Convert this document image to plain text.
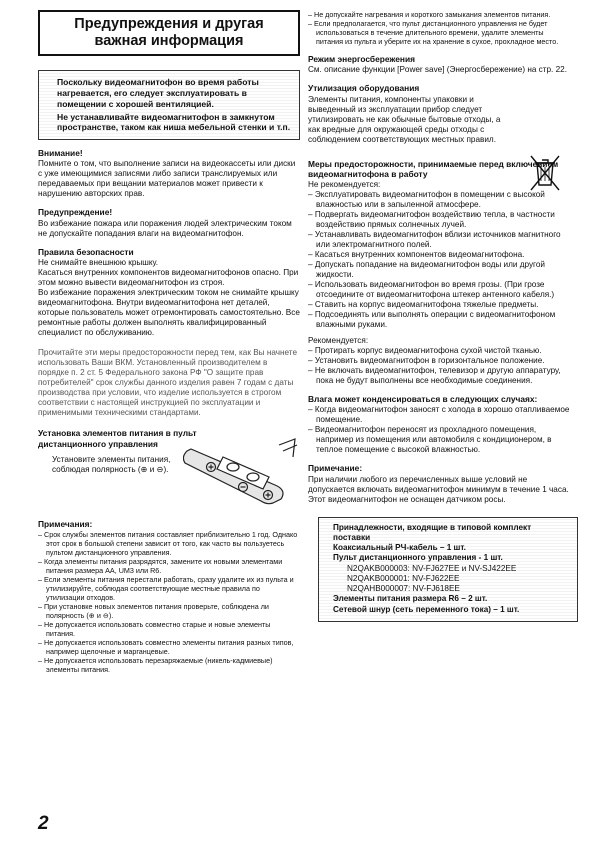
Предупреждения и другая
важная информация

Поскольку видеомагнитофон во время работы нагревается, его следует эксплуатировать в помещении с хорошей вентиляцией.

Не устанавливайте видеомагнитофон в замкнутом пространстве, таком как ниша мебельной стенки и т.п.

Внимание!

Помните о том, что выполнение записи на видеокассеты или диски с уже имеющимися записями либо записи транслируемых или передаваемых при вещании материалов может привести к нарушению авторских прав.

Предупреждение!

Во избежание пожара или поражения людей электрическим током не допускайте попадания влаги на видеомагнитофон.

Правила безопасности

Не снимайте внешнюю крышку.

Касаться внутренних компонентов видеомагнитофонов опасно. При этом можно вывести видеомагнитофон из строя.

Во избежание поражения электрическим током не снимайте крышку видеомагнитофона. Внутри видеомагнитофона нет деталей, которые пользователь может отремонтировать самостоятельно. Все ремонтные работы должен выполнять квалифицированный специалист по обслуживанию.

Прочитайте эти меры предосторожности перед тем, как Вы начнете использовать Ваши ВКМ. Установленный производителем в порядке п. 2 ст. 5 Федерального закона РФ "О защите прав потребителей" срок службы данного изделия равен 7 годам с даты производства при условии, что изделие используется в строгом соответствии с настоящей инструкцией по эксплуатации и применимыми техническими стандартами.

Установка элементов питания в пульт
дистанционного управления
Установите элементы питания, соблюдая полярность (⊕ и ⊖).
Примечания:
– Срок службы элементов питания составляет приблизительно 1 год. Однако этот срок в большой степени зависит от того, как часто вы пользуетесь пультом дистанционного управления.
– Когда элементы питания разрядятся, замените их новыми элементами питания размера AA, UM3 или R6.
– Если элементы питания перестали работать, сразу удалите их из пульта и утилизируйте, соблюдая соответствующие местные правила по утилизации отходов.
– При установке новых элементов питания проверьте, соблюдена ли полярность (⊕ и ⊖).
– Не допускается использовать совместно старые и новые элементы питания.
– Не допускается использовать совместно элементы питания разных типов, например щелочные и марганцевые.
– Не допускается использовать перезаряжаемые (никель-кадмиевые) элементы питания.
– Не допускайте нагревания и короткого замыкания элементов питания.
– Если предполагается, что пульт дистанционного управления не будет использоваться в течение длительного времени, удалите элементы питания из пульта и уберите их на хранение в сухое, прохладное место.
Режим энергосбережения

См. описание функции [Power save] (Энергосбережение) на стр. 22.

Утилизация оборудования

Элементы питания, компоненты упаковки и выведенный из эксплуатации прибор следует утилизировать не как обычные бытовые отходы, а как вредные для окружающей среды отходы с соблюдением соответствующих местных правил.

Меры предосторожности, принимаемые перед включением видеомагнитофона в работу

Не рекомендуется:

– Эксплуатировать видеомагнитофон в помещении с высокой влажностью или в запыленной атмосфере.
– Подвергать видеомагнитофон воздействию тепла, в частности воздействию прямых солнечных лучей.
– Устанавливать видеомагнитофон вблизи источников магнитного или электромагнитного полей.
– Касаться внутренних компонентов видеомагнитофона.
– Допускать попадание на видеомагнитофон воды или другой жидкости.
– Использовать видеомагнитофон во время грозы. (При грозе отсоедините от видеомагнитофона штекер антенного кабеля.)
– Ставить на корпус видеомагнитофона тяжелые предметы.
– Подсоединять или выполнять операции с видеомагнитофоном влажными руками.

Рекомендуется:

– Протирать корпус видеомагнитофона сухой чистой тканью.
– Установить видеомагнитофон в горизонтальное положение.
– Не включать видеомагнитофон, телевизор и другую аппаратуру, пока не будут выполнены все необходимые соединения.
Влага может конденсироваться в следующих случаях:
– Когда видеомагнитофон заносят с холода в хорошо отапливаемое помещение.
– Видеомагнитофон переносят из прохладного помещения, например из помещения или автомобиля с кондиционером, в теплое помещение с высокой влажностью.
Примечание:

При наличии любого из перечисленных выше условий не допускается включать видеомагнитофон минимум в течение 1 часа.

Этот видеомагнитофон не оснащен датчиком росы.

Принадлежности, входящие в типовой комплект поставки

Коаксиальный РЧ-кабель – 1 шт.

Пульт дистанционного управления - 1 шт.

N2QAKB000003: NV-FJ627EE и NV-SJ422EE

N2QAKB000001: NV-FJ622EE

N2QAHB000007: NV-FJ618EE

Элементы питания размера R6 – 2 шт.

Сетевой шнур (сеть переменного тока) – 1 шт.

2
